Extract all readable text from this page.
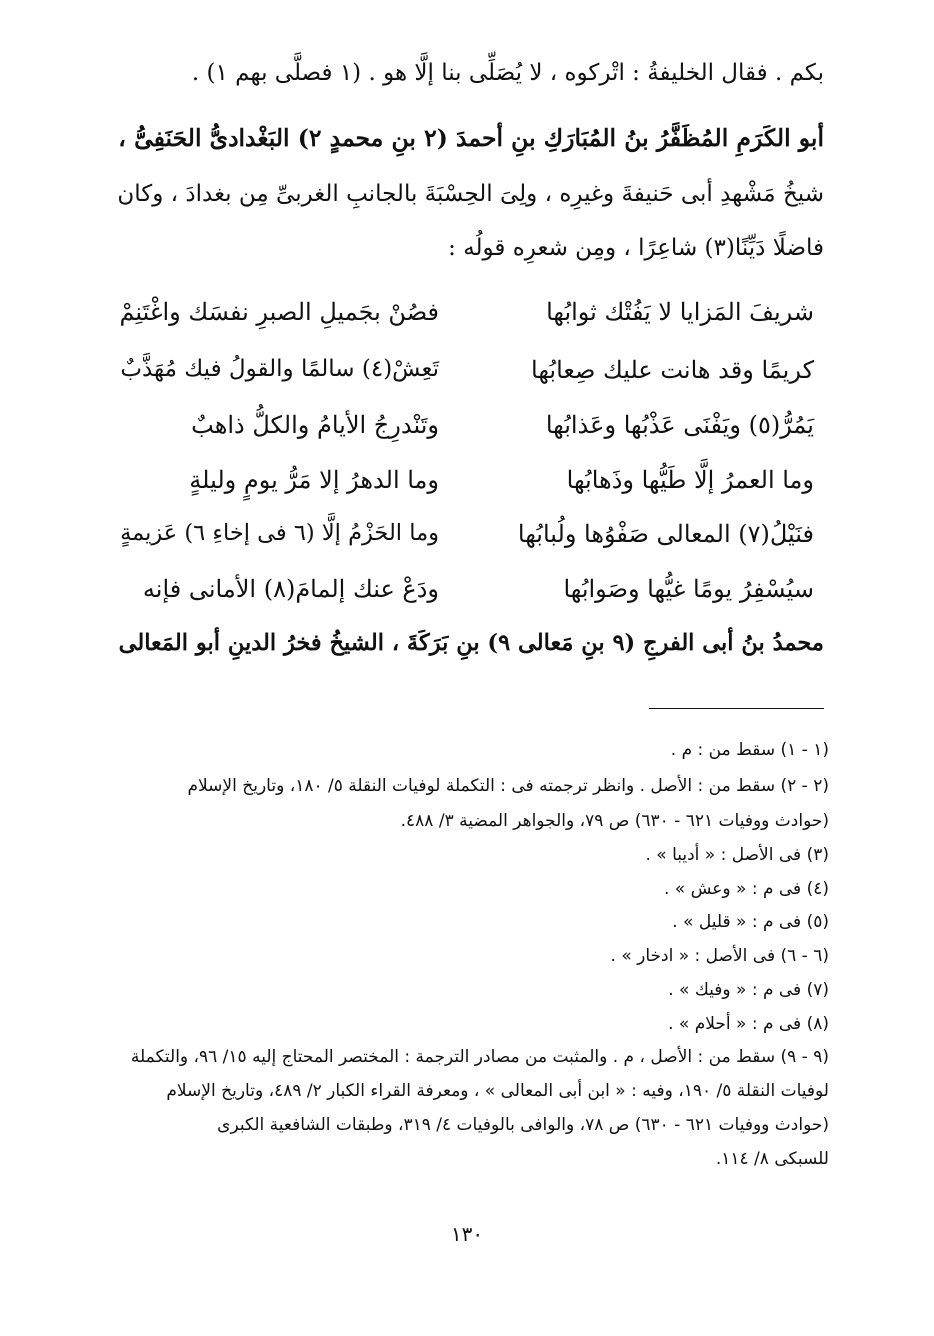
بكم . فقال الخليفةُ : اتْركوه ، لا يُصَلِّى بنا إلَّا هو . (١ فصلَّى بهم ١) .
أبو الكَرَمِ المُظَفَّرُ بنُ المُبَارَكِ بنِ أحمدَ (٢ بنِ محمدٍ ٢) البَغْدادىُّ الحَنَفِىُّ ،
شيخُ مَشْهدِ أبى حَنيفةَ وغيرِه ، ولِىَ الحِسْبَةَ بالجانبِ الغربىِّ مِن بغدادَ ، وكان
فاضلًا دَيِّنًا(٣) شاعِرًا ، ومِن شعرِه قولُه :
فصُنْ بجَميلِ الصبرِ نفسَك واغْتَنِمْ	شريفَ المَزايا لا يَفُتْك ثوابُها
تَعِشْ(٤) سالمًا والقولُ فيك مُهَذَّبٌ	كريمًا وقد هانت عليك صِعابُها
وتَنْدرِجُ الأيامُ والكلُّ ذاهبٌ	يَمُرُّ(٥) ويَفْنَى عَذْبُها وعَذابُها
وما الدهرُ إلا مَرُّ يومٍ وليلةٍ	وما العمرُ إلَّا طَيُّها وذَهابُها
وما الحَزْمُ إلَّا (٦ فى إخاءِ ٦) عَزيمةٍ	فنَيْلُ(٧) المعالى صَفْوُها ولُبابُها
ودَعْ عنك إلمامَ(٨) الأمانى فإنه	سيُسْفِرُ يومًا غيُّها وصَوابُها
محمدُ بنُ أبى الفرجِ (٩ بنِ مَعالى ٩) بنِ بَرَكَةَ ، الشيخُ فخرُ الدينِ أبو المَعالى
(١ - ١) سقط من : م .
(٢ - ٢) سقط من : الأصل . وانظر ترجمته فى : التكملة لوفيات النقلة ٥/ ١٨٠، وتاريخ الإسلام
(حوادث ووفيات ٦٢١ - ٦٣٠) ص ٧٩، والجواهر المضية ٣/ ٤٨٨.
(٣) فى الأصل : « أديبا » .
(٤) فى م : « وعش » .
(٥) فى م : « قليل » .
(٦ - ٦) فى الأصل : « ادخار » .
(٧) فى م : « وفيك » .
(٨) فى م : « أحلام » .
(٩ - ٩) سقط من : الأصل ، م . والمثبت من مصادر الترجمة : المختصر المحتاج إليه ١٥/ ٩٦، والتكملة
لوفيات النقلة ٥/ ١٩٠، وفيه : « ابن أبى المعالى » ، ومعرفة القراء الكبار ٢/ ٤٨٩، وتاريخ الإسلام
(حوادث ووفيات ٦٢١ - ٦٣٠) ص ٧٨، والوافى بالوفيات ٤/ ٣١٩، وطبقات الشافعية الكبرى
للسبكى ٨/ ١١٤.
١٣٠
